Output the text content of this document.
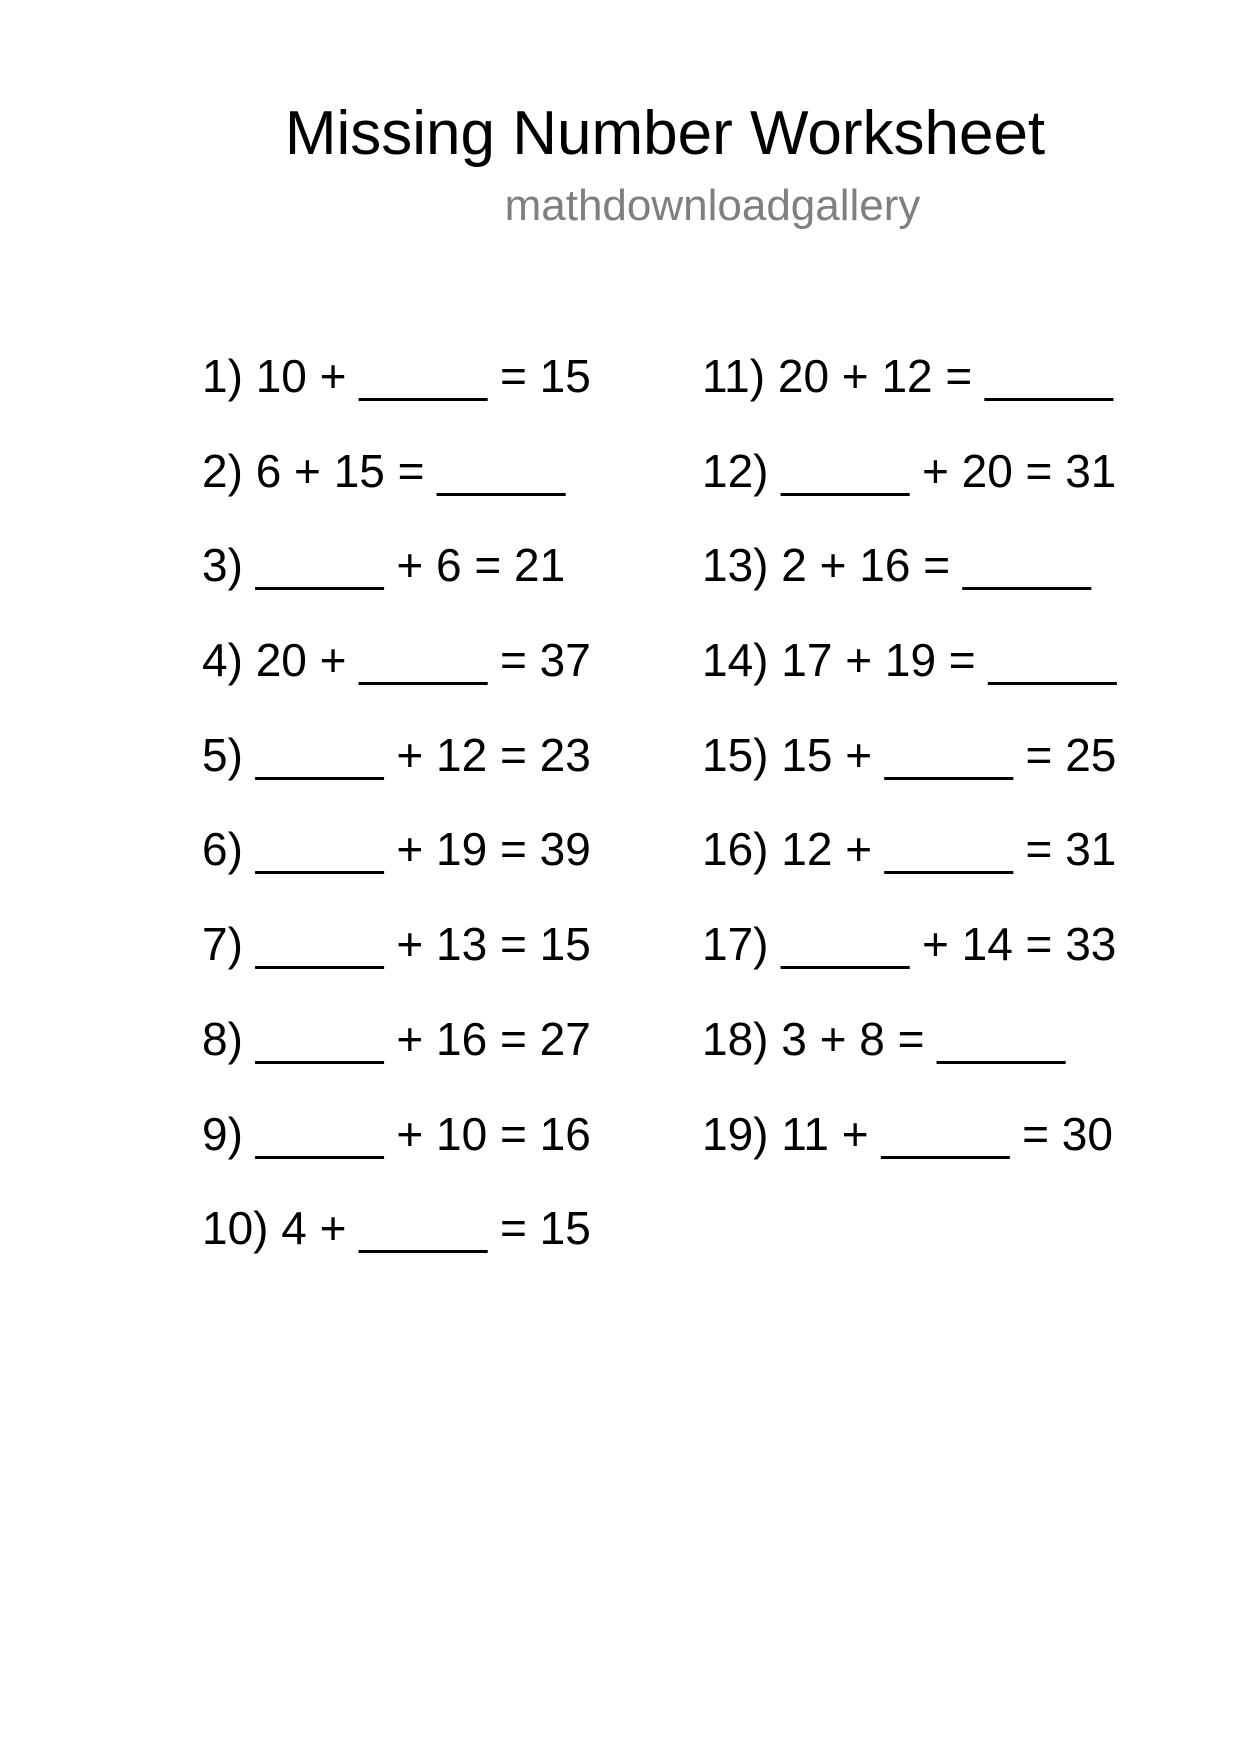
Missing Number Worksheet
mathdownloadgallery
1) 10 + _____ = 15
2) 6 + 15 = _____
3) _____ + 6 = 21
4) 20 + _____ = 37
5) _____ + 12 = 23
6) _____ + 19 = 39
7) _____ + 13 = 15
8) _____ + 16 = 27
9) _____ + 10 = 16
10) 4 + _____ = 15
11) 20 + 12 = _____
12) _____ + 20 = 31
13) 2 + 16 = _____
14) 17 + 19 = _____
15) 15 + _____ = 25
16) 12 + _____ = 31
17) _____ + 14 = 33
18) 3 + 8 = _____
19) 11 + _____ = 30
